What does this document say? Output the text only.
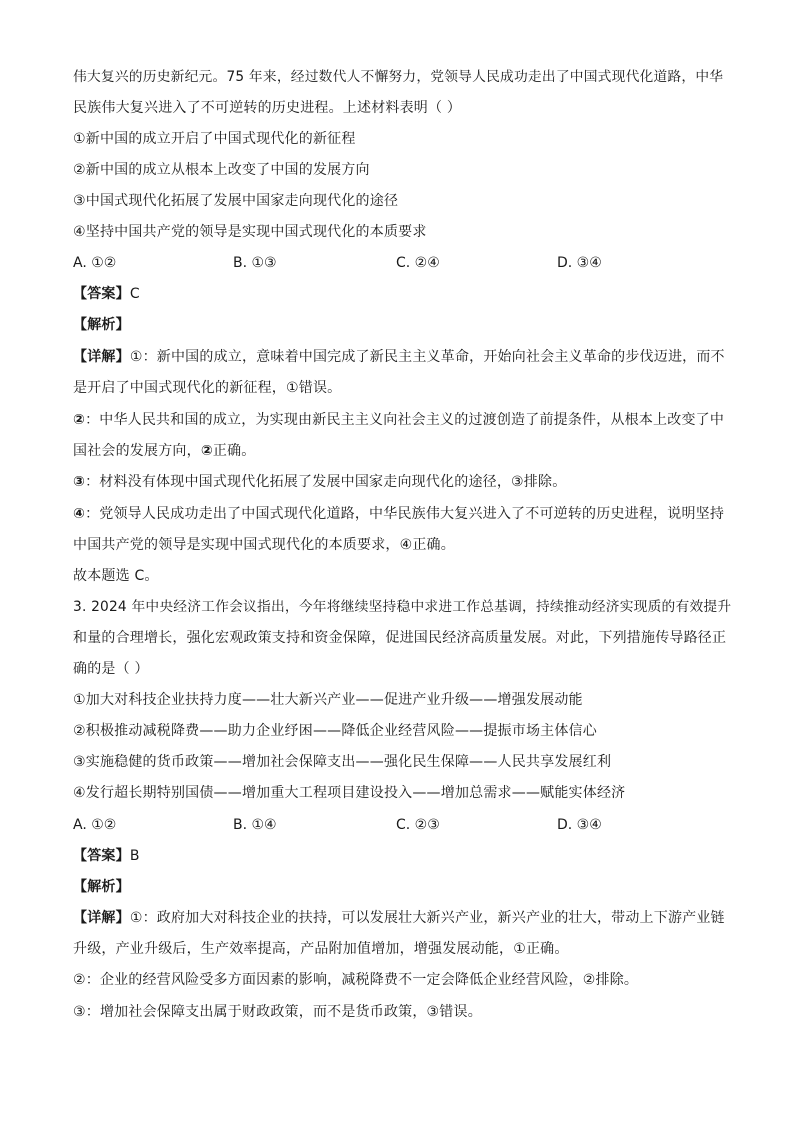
伟大复兴的历史新纪元。75 年来，经过数代人不懈努力，党领导人民成功走出了中国式现代化道路，中华
民族伟大复兴进入了不可逆转的历史进程。上述材料表明（ ）
①新中国的成立开启了中国式现代化的新征程
②新中国的成立从根本上改变了中国的发展方向
③中国式现代化拓展了发展中国家走向现代化的途径
④坚持中国共产党的领导是实现中国式现代化的本质要求
A. ①②	B. ①③	C. ②④	D. ③④
【答案】C
【解析】
【详解】①：新中国的成立，意味着中国完成了新民主主义革命，开始向社会主义革命的步伐迈进，而不
是开启了中国式现代化的新征程，①错误。
②：中华人民共和国的成立，为实现由新民主主义向社会主义的过渡创造了前提条件，从根本上改变了中
国社会的发展方向，②正确。
③：材料没有体现中国式现代化拓展了发展中国家走向现代化的途径，③排除。
④：党领导人民成功走出了中国式现代化道路，中华民族伟大复兴进入了不可逆转的历史进程，说明坚持
中国共产党的领导是实现中国式现代化的本质要求，④正确。
故本题选 C。
3. 2024 年中央经济工作会议指出，今年将继续坚持稳中求进工作总基调，持续推动经济实现质的有效提升
和量的合理增长，强化宏观政策支持和资金保障，促进国民经济高质量发展。对此，下列措施传导路径正
确的是（ ）
①加大对科技企业扶持力度——壮大新兴产业——促进产业升级——增强发展动能
②积极推动减税降费——助力企业纾困——降低企业经营风险——提振市场主体信心
③实施稳健的货币政策——增加社会保障支出——强化民生保障——人民共享发展红利
④发行超长期特别国债——增加重大工程项目建设投入——增加总需求——赋能实体经济
A. ①②	B. ①④	C. ②③	D. ③④
【答案】B
【解析】
【详解】①：政府加大对科技企业的扶持，可以发展壮大新兴产业，新兴产业的壮大，带动上下游产业链
升级，产业升级后，生产效率提高，产品附加值增加，增强发展动能，①正确。
②：企业的经营风险受多方面因素的影响，减税降费不一定会降低企业经营风险，②排除。
③：增加社会保障支出属于财政政策，而不是货币政策，③错误。
